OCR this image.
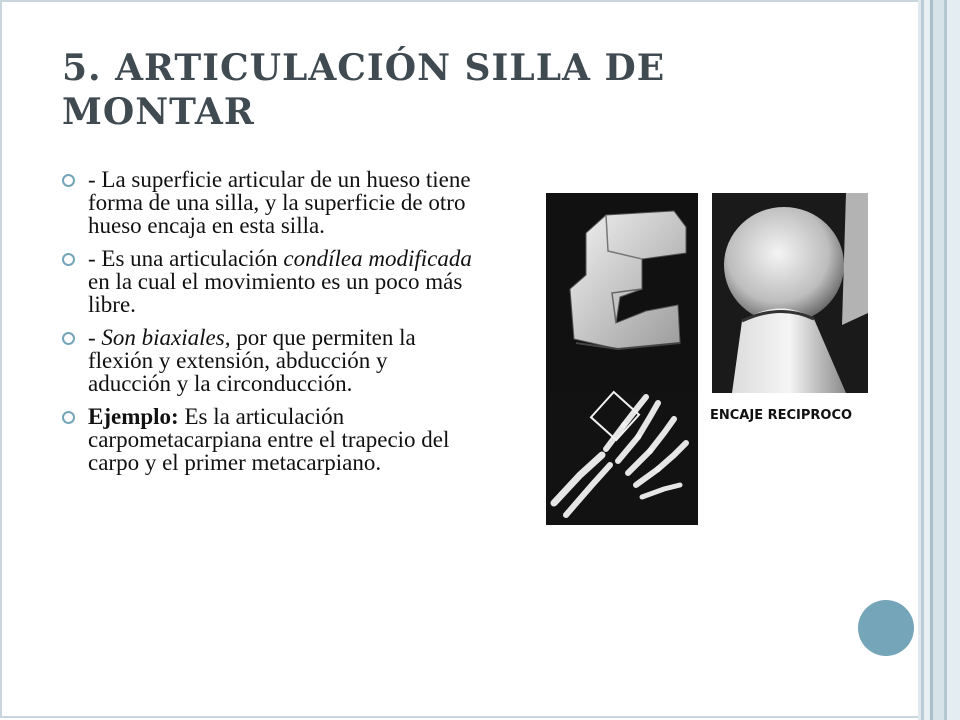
5. ARTICULACIÓN SILLA DE MONTAR
- La superficie articular de un hueso tiene forma de una silla, y la superficie de otro hueso encaja en esta silla.
- Es una articulación condílea modificada en la cual el movimiento es un poco más libre.
- Son biaxiales, por que permiten la flexión y extensión, abducción y aducción y la circonducción.
Ejemplo: Es la articulación carpometacarpiana entre el trapecio del carpo y el primer metacarpiano.
ENCAJE RECIPROCO
